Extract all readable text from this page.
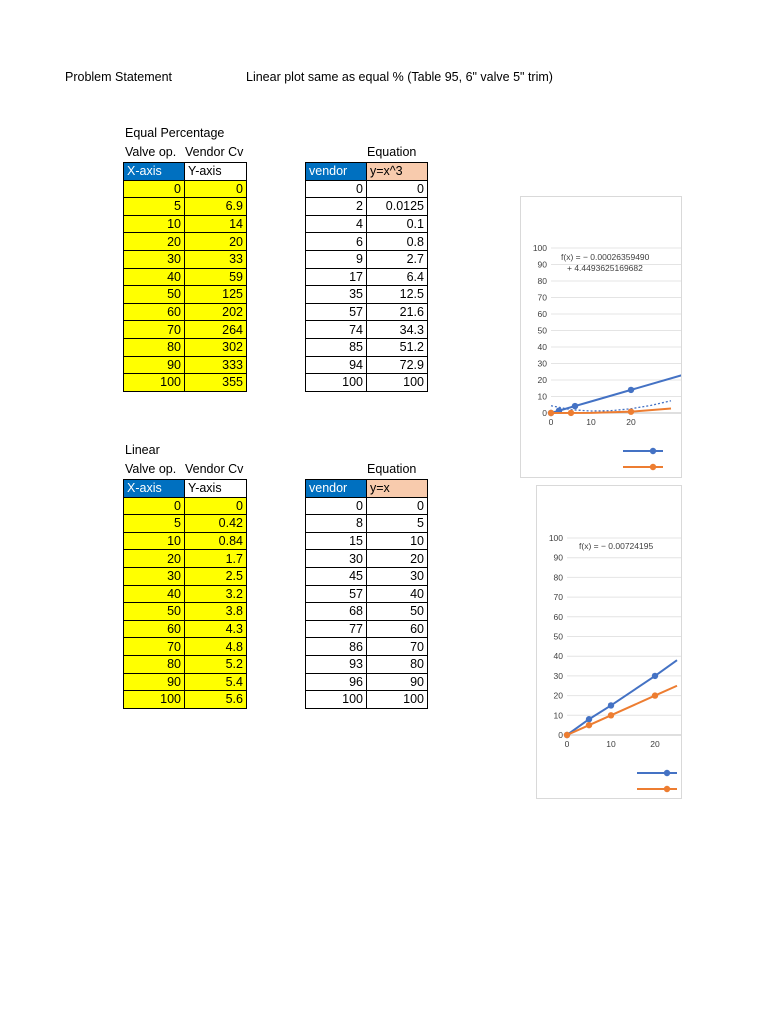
Problem Statement	Linear plot same as equal % (Table 95, 6" valve 5" trim)
Equal Percentage
Valve op. Vendor Cv	Equation
X-axis	Y-axis
0	0
5	6.9
10	14
20	20
30	33
40	59
50	125
60	202
70	264
80	302
90	333
100	355
vendor	y=x^3
0	0
2	0.0125
4	0.1
6	0.8
9	2.7
17	6.4
35	12.5
57	21.6
74	34.3
85	51.2
94	72.9
100	100
Linear
Valve op. Vendor Cv	Equation
X-axis	Y-axis
0	0
5	0.42
10	0.84
20	1.7
30	2.5
40	3.2
50	3.8
60	4.3
70	4.8
80	5.2
90	5.4
100	5.6
vendor	y=x
0	0
8	5
15	10
30	20
45	30
57	40
68	50
77	60
86	70
93	80
96	90
100	100
100
90
80
70
60
50
40
30
20
10
0
0	10	20
f(x) = − 0.00026359490
+ 4.4493625169682
100
90
80
70
60
50
40
30
20
10
0
0	10	20
f(x) = − 0.00724195
